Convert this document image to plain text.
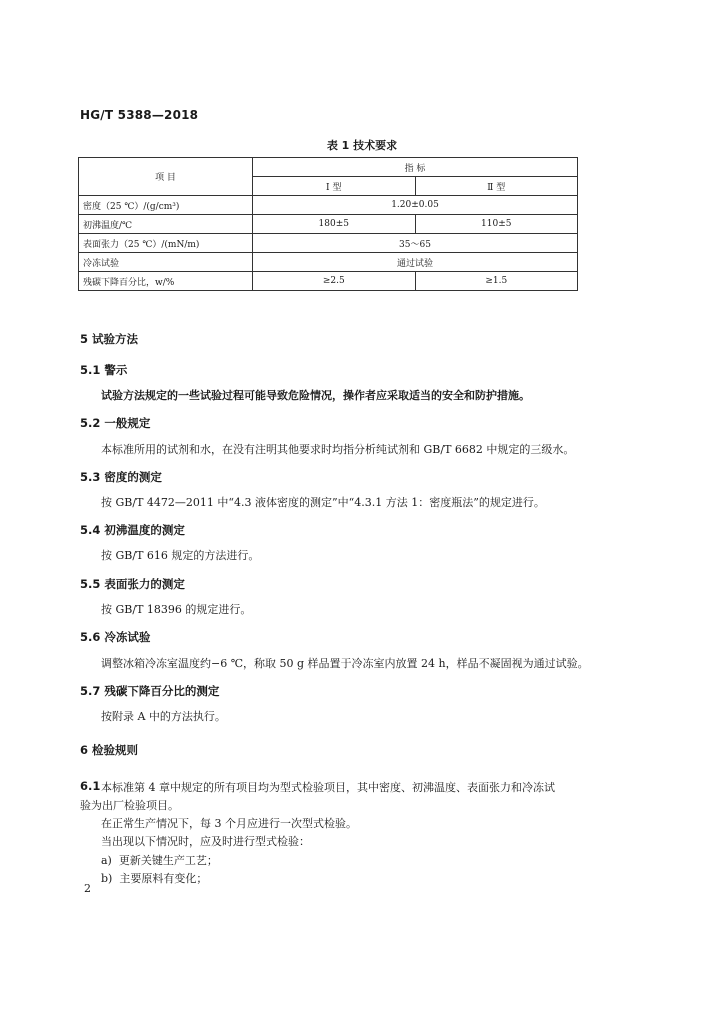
HG/T 5388—2018
表 1 技术要求
项 目	指 标	
	Ⅰ 型	Ⅱ 型
密度（25 ℃）/(g/cm³)	1.20±0.05	
初沸温度/℃	180±5	110±5
表面张力（25 ℃）/(mN/m)	35～65	
冷冻试验	通过试验	
残碳下降百分比，w/%	≥2.5	≥1.5
5 试验方法
5.1 警示
试验方法规定的一些试验过程可能导致危险情况，操作者应采取适当的安全和防护措施。
5.2 一般规定
本标准所用的试剂和水，在没有注明其他要求时均指分析纯试剂和 GB/T 6682 中规定的三级水。
5.3 密度的测定
按 GB/T 4472—2011 中“4.3 液体密度的测定”中“4.3.1 方法 1：密度瓶法”的规定进行。
5.4 初沸温度的测定
按 GB/T 616 规定的方法进行。
5.5 表面张力的测定
按 GB/T 18396 的规定进行。
5.6 冷冻试验
调整冰箱冷冻室温度约−6 ℃，称取 50 g 样品置于冷冻室内放置 24 h，样品不凝固视为通过试验。
5.7 残碳下降百分比的测定
按附录 A 中的方法执行。
6 检验规则
6.1 本标准第 4 章中规定的所有项目均为型式检验项目，其中密度、初沸温度、表面张力和冷冻试
验为出厂检验项目。
在正常生产情况下，每 3 个月应进行一次型式检验。
当出现以下情况时，应及时进行型式检验：
a) 更新关键生产工艺；
b) 主要原料有变化；
2
